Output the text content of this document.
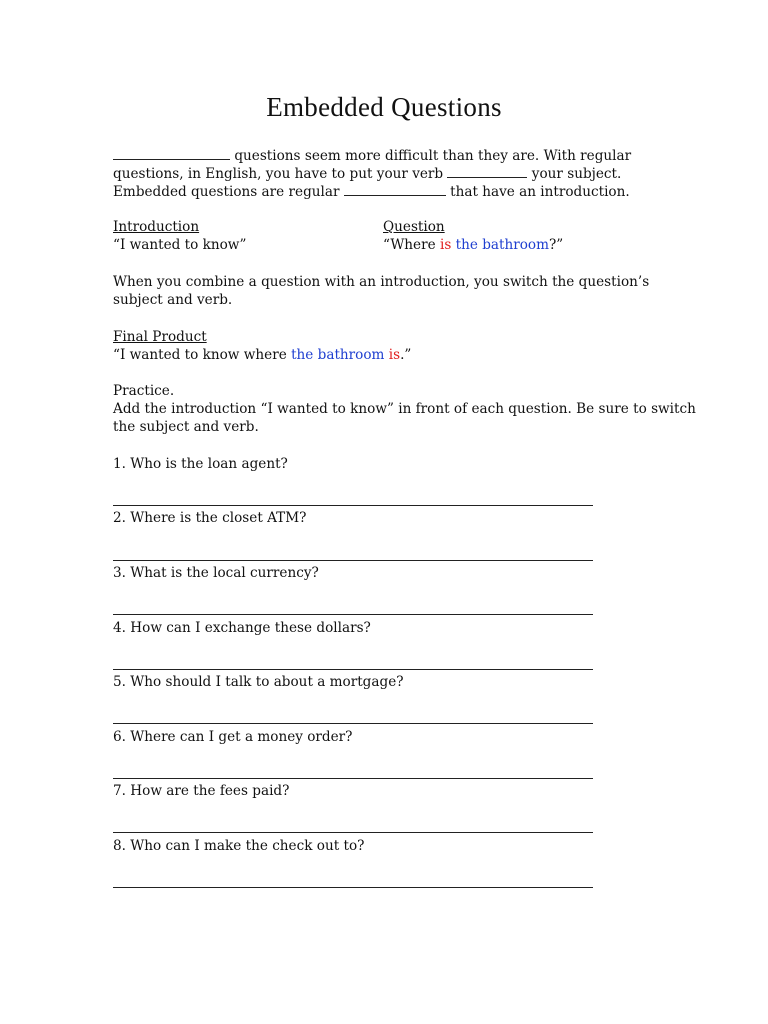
Embedded Questions
questions seem more difficult than they are. With regular
questions, in English, you have to put your verb	your subject.
Embedded questions are regular	that have an introduction.
Introduction
“I wanted to know”
Question
“Where is the bathroom?”
When you combine a question with an introduction, you switch the question’s
subject and verb.
Final Product
“I wanted to know where the bathroom is.”
Practice.
Add the introduction “I wanted to know” in front of each question. Be sure to switch
the subject and verb.
1. Who is the loan agent?
2. Where is the closet ATM?
3. What is the local currency?
4. How can I exchange these dollars?
5. Who should I talk to about a mortgage?
6. Where can I get a money order?
7. How are the fees paid?
8. Who can I make the check out to?
